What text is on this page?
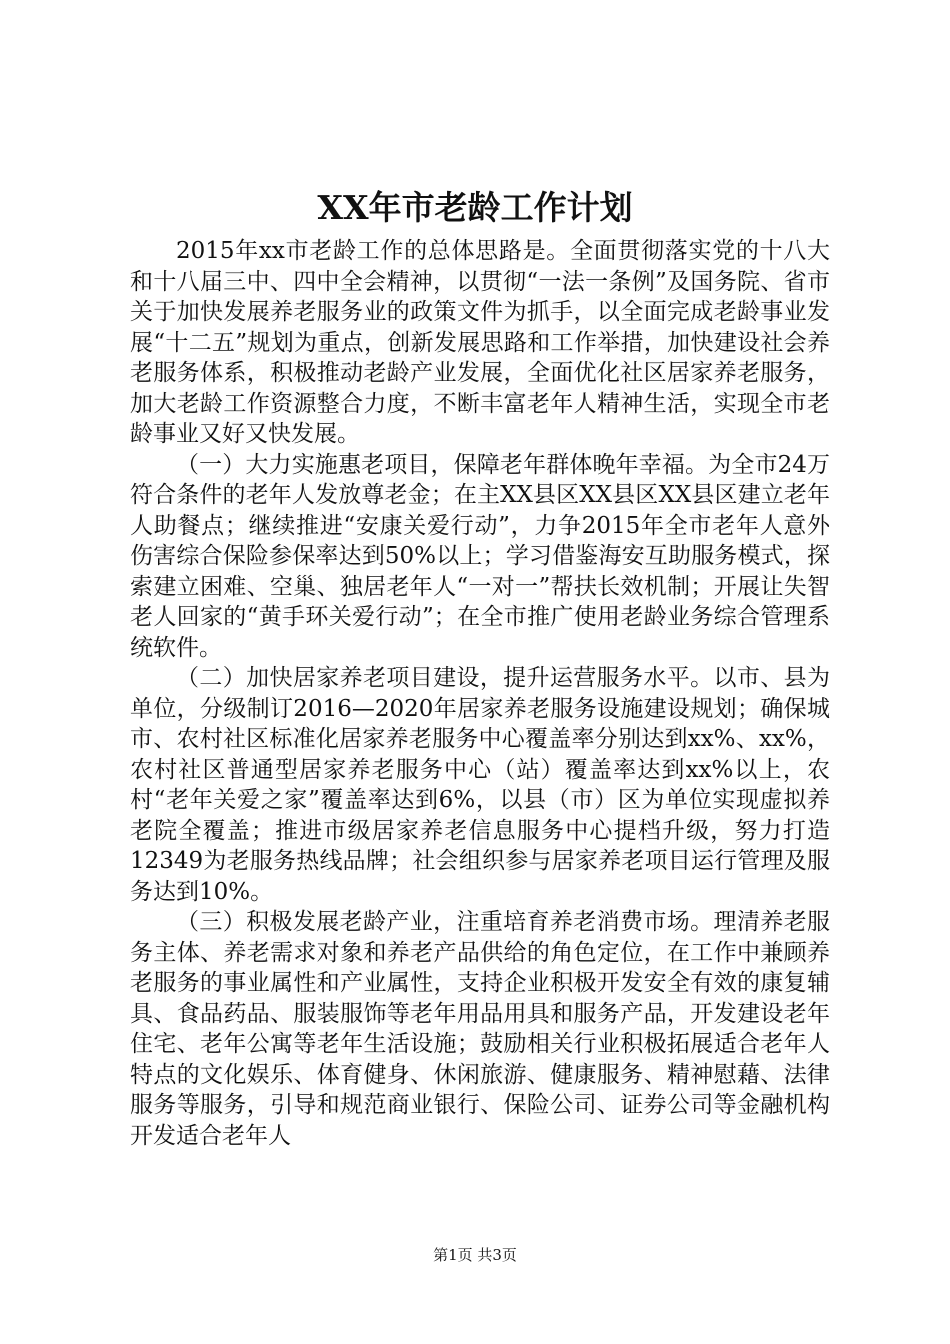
XX年市老龄工作计划

2015年xx市老龄工作的总体思路是。全面贯彻落实党的十八大和十八届三中、四中全会精神，以贯彻“一法一条例”及国务院、省市关于加快发展养老服务业的政策文件为抓手，以全面完成老龄事业发展“十二五”规划为重点，创新发展思路和工作举措，加快建设社会养老服务体系，积极推动老龄产业发展，全面优化社区居家养老服务，加大老龄工作资源整合力度，不断丰富老年人精神生活，实现全市老龄事业又好又快发展。

（一）大力实施惠老项目，保障老年群体晚年幸福。为全市24万符合条件的老年人发放尊老金；在主XX县区XX县区XX县区建立老年人助餐点；继续推进“安康关爱行动”，力争2015年全市老年人意外伤害综合保险参保率达到50%以上；学习借鉴海安互助服务模式，探索建立困难、空巢、独居老年人“一对一”帮扶长效机制；开展让失智老人回家的“黄手环关爱行动”；在全市推广使用老龄业务综合管理系统软件。

（二）加快居家养老项目建设，提升运营服务水平。以市、县为单位，分级制订2016—2020年居家养老服务设施建设规划；确保城市、农村社区标准化居家养老服务中心覆盖率分别达到xx%、xx%，农村社区普通型居家养老服务中心（站）覆盖率达到xx%以上，农村“老年关爱之家”覆盖率达到6%，以县（市）区为单位实现虚拟养老院全覆盖；推进市级居家养老信息服务中心提档升级，努力打造12349为老服务热线品牌；社会组织参与居家养老项目运行管理及服务达到10%。

（三）积极发展老龄产业，注重培育养老消费市场。理清养老服务主体、养老需求对象和养老产品供给的角色定位，在工作中兼顾养老服务的事业属性和产业属性，支持企业积极开发安全有效的康复辅具、食品药品、服装服饰等老年用品用具和服务产品，开发建设老年住宅、老年公寓等老年生活设施；鼓励相关行业积极拓展适合老年人特点的文化娱乐、体育健身、休闲旅游、健康服务、精神慰藉、法律服务等服务，引导和规范商业银行、保险公司、证券公司等金融机构开发适合老年人

第1页 共3页
